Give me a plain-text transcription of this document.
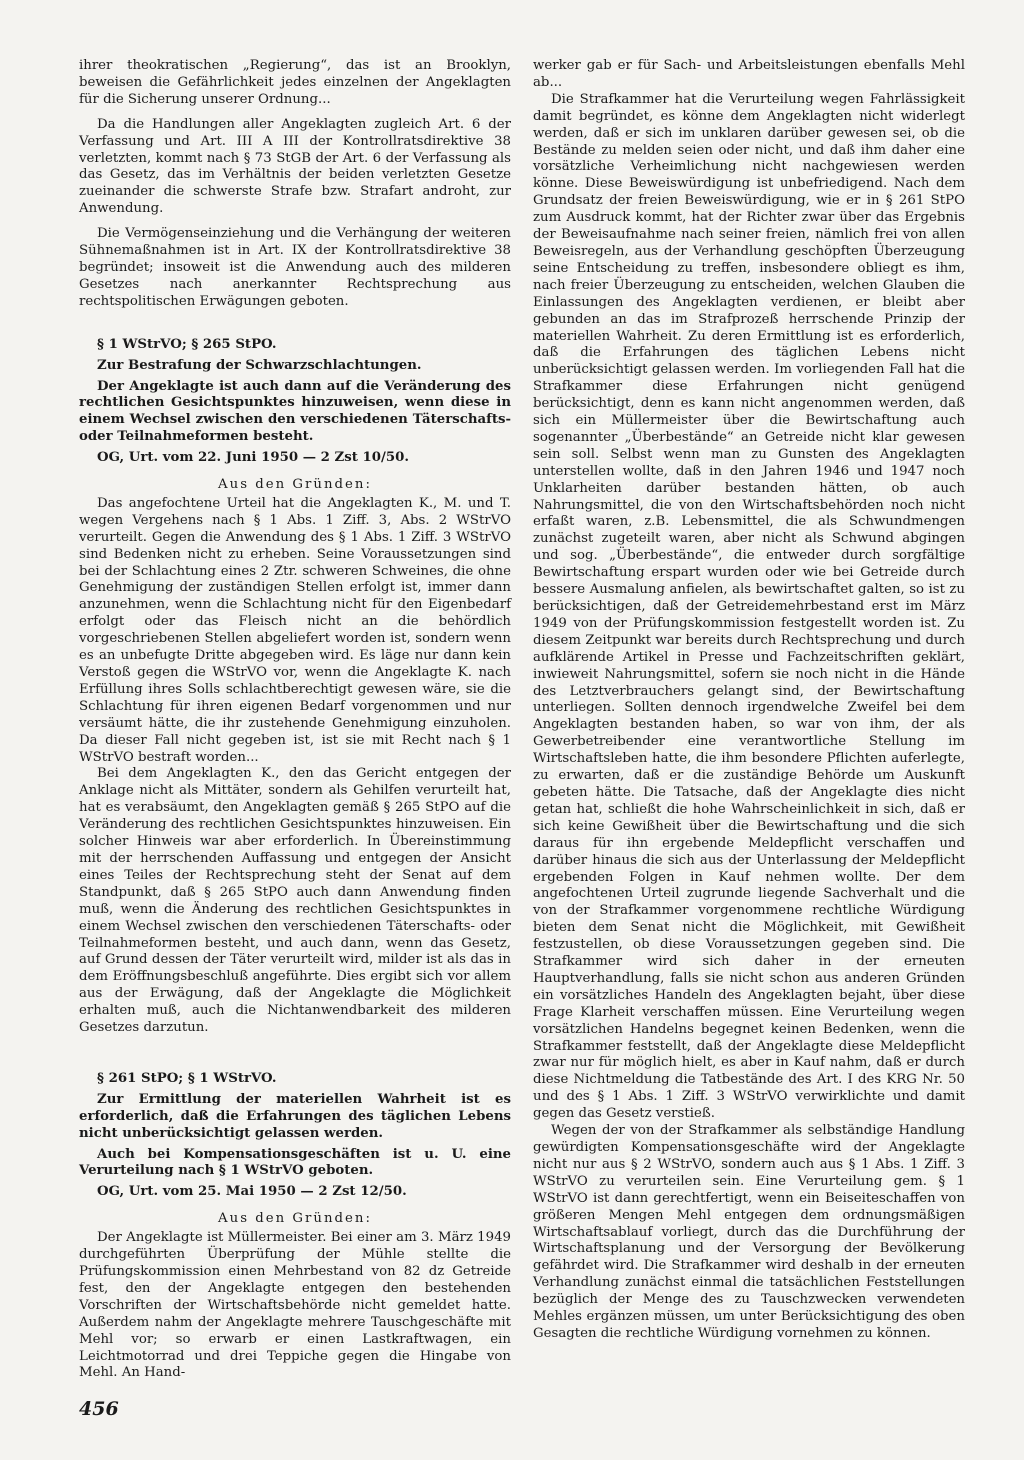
ihrer theokratischen „Regierung“, das ist an Brooklyn, beweisen die Gefährlichkeit jedes einzelnen der Angeklagten für die Sicherung unserer Ordnung...

Da die Handlungen aller Angeklagten zugleich Art. 6 der Verfassung und Art. III A III der Kontrollratsdirektive 38 verletzten, kommt nach § 73 StGB der Art. 6 der Verfassung als das Gesetz, das im Verhältnis der beiden verletzten Gesetze zueinander die schwerste Strafe bzw. Strafart androht, zur Anwendung.

Die Vermögenseinziehung und die Verhängung der weiteren Sühnemaßnahmen ist in Art. IX der Kontrollratsdirektive 38 begründet; insoweit ist die Anwendung auch des milderen Gesetzes nach anerkannter Rechtsprechung aus rechtspolitischen Erwägungen geboten.

§ 1 WStrVO; § 265 StPO.

Zur Bestrafung der Schwarzschlachtungen.

Der Angeklagte ist auch dann auf die Veränderung des rechtlichen Gesichtspunktes hinzuweisen, wenn diese in einem Wechsel zwischen den verschiedenen Täterschafts- oder Teilnahmeformen besteht.

OG, Urt. vom 22. Juni 1950 — 2 Zst 10/50.

Aus den Gründen:

Das angefochtene Urteil hat die Angeklagten K., M. und T. wegen Vergehens nach § 1 Abs. 1 Ziff. 3, Abs. 2 WStrVO verurteilt. Gegen die Anwendung des § 1 Abs. 1 Ziff. 3 WStrVO sind Bedenken nicht zu erheben. Seine Voraussetzungen sind bei der Schlachtung eines 2 Ztr. schweren Schweines, die ohne Genehmigung der zuständigen Stellen erfolgt ist, immer dann anzunehmen, wenn die Schlachtung nicht für den Eigenbedarf erfolgt oder das Fleisch nicht an die behördlich vorgeschriebenen Stellen abgeliefert worden ist, sondern wenn es an unbefugte Dritte abgegeben wird. Es läge nur dann kein Verstoß gegen die WStrVO vor, wenn die Angeklagte K. nach Erfüllung ihres Solls schlachtberechtigt gewesen wäre, sie die Schlachtung für ihren eigenen Bedarf vorgenommen und nur versäumt hätte, die ihr zustehende Genehmigung einzuholen. Da dieser Fall nicht gegeben ist, ist sie mit Recht nach § 1 WStrVO bestraft worden...

Bei dem Angeklagten K., den das Gericht entgegen der Anklage nicht als Mittäter, sondern als Gehilfen verurteilt hat, hat es verabsäumt, den Angeklagten gemäß § 265 StPO auf die Veränderung des rechtlichen Gesichtspunktes hinzuweisen. Ein solcher Hinweis war aber erforderlich. In Übereinstimmung mit der herrschenden Auffassung und entgegen der Ansicht eines Teiles der Rechtsprechung steht der Senat auf dem Standpunkt, daß § 265 StPO auch dann Anwendung finden muß, wenn die Änderung des rechtlichen Gesichtspunktes in einem Wechsel zwischen den verschiedenen Täterschafts- oder Teilnahmeformen besteht, und auch dann, wenn das Gesetz, auf Grund dessen der Täter verurteilt wird, milder ist als das in dem Eröffnungsbeschluß angeführte. Dies ergibt sich vor allem aus der Erwägung, daß der Angeklagte die Möglichkeit erhalten muß, auch die Nichtanwendbarkeit des milderen Gesetzes darzutun.

§ 261 StPO; § 1 WStrVO.

Zur Ermittlung der materiellen Wahrheit ist es erforderlich, daß die Erfahrungen des täglichen Lebens nicht unberücksichtigt gelassen werden.

Auch bei Kompensationsgeschäften ist u. U. eine Verurteilung nach § 1 WStrVO geboten.

OG, Urt. vom 25. Mai 1950 — 2 Zst 12/50.

Aus den Gründen:

Der Angeklagte ist Müllermeister. Bei einer am 3. März 1949 durchgeführten Überprüfung der Mühle stellte die Prüfungskommission einen Mehrbestand von 82 dz Getreide fest, den der Angeklagte entgegen den bestehenden Vorschriften der Wirtschaftsbehörde nicht gemeldet hatte. Außerdem nahm der Angeklagte mehrere Tauschgeschäfte mit Mehl vor; so erwarb er einen Lastkraftwagen, ein Leichtmotorrad und drei Teppiche gegen die Hingabe von Mehl. An Hand-

werker gab er für Sach- und Arbeitsleistungen ebenfalls Mehl ab...

Die Strafkammer hat die Verurteilung wegen Fahrlässigkeit damit begründet, es könne dem Angeklagten nicht widerlegt werden, daß er sich im unklaren darüber gewesen sei, ob die Bestände zu melden seien oder nicht, und daß ihm daher eine vorsätzliche Verheimlichung nicht nachgewiesen werden könne. Diese Beweiswürdigung ist unbefriedigend. Nach dem Grundsatz der freien Beweiswürdigung, wie er in § 261 StPO zum Ausdruck kommt, hat der Richter zwar über das Ergebnis der Beweisaufnahme nach seiner freien, nämlich frei von allen Beweisregeln, aus der Verhandlung geschöpften Überzeugung seine Entscheidung zu treffen, insbesondere obliegt es ihm, nach freier Überzeugung zu entscheiden, welchen Glauben die Einlassungen des Angeklagten verdienen, er bleibt aber gebunden an das im Strafprozeß herrschende Prinzip der materiellen Wahrheit. Zu deren Ermittlung ist es erforderlich, daß die Erfahrungen des täglichen Lebens nicht unberücksichtigt gelassen werden. Im vorliegenden Fall hat die Strafkammer diese Erfahrungen nicht genügend berücksichtigt, denn es kann nicht angenommen werden, daß sich ein Müllermeister über die Bewirtschaftung auch sogenannter „Überbestände“ an Getreide nicht klar gewesen sein soll. Selbst wenn man zu Gunsten des Angeklagten unterstellen wollte, daß in den Jahren 1946 und 1947 noch Unklarheiten darüber bestanden hätten, ob auch Nahrungsmittel, die von den Wirtschaftsbehörden noch nicht erfaßt waren, z.B. Lebensmittel, die als Schwundmengen zunächst zugeteilt waren, aber nicht als Schwund abgingen und sog. „Überbestände“, die entweder durch sorgfältige Bewirtschaftung erspart wurden oder wie bei Getreide durch bessere Ausmalung anfielen, als bewirtschaftet galten, so ist zu berücksichtigen, daß der Getreidemehrbestand erst im März 1949 von der Prüfungskommission festgestellt worden ist. Zu diesem Zeitpunkt war bereits durch Rechtsprechung und durch aufklärende Artikel in Presse und Fachzeitschriften geklärt, inwieweit Nahrungsmittel, sofern sie noch nicht in die Hände des Letztverbrauchers gelangt sind, der Bewirtschaftung unterliegen. Sollten dennoch irgendwelche Zweifel bei dem Angeklagten bestanden haben, so war von ihm, der als Gewerbetreibender eine verantwortliche Stellung im Wirtschaftsleben hatte, die ihm besondere Pflichten auferlegte, zu erwarten, daß er die zuständige Behörde um Auskunft gebeten hätte. Die Tatsache, daß der Angeklagte dies nicht getan hat, schließt die hohe Wahrscheinlichkeit in sich, daß er sich keine Gewißheit über die Bewirtschaftung und die sich daraus für ihn ergebende Meldepflicht verschaffen und darüber hinaus die sich aus der Unterlassung der Meldepflicht ergebenden Folgen in Kauf nehmen wollte. Der dem angefochtenen Urteil zugrunde liegende Sachverhalt und die von der Strafkammer vorgenommene rechtliche Würdigung bieten dem Senat nicht die Möglichkeit, mit Gewißheit festzustellen, ob diese Voraussetzungen gegeben sind. Die Strafkammer wird sich daher in der erneuten Hauptverhandlung, falls sie nicht schon aus anderen Gründen ein vorsätzliches Handeln des Angeklagten bejaht, über diese Frage Klarheit verschaffen müssen. Eine Verurteilung wegen vorsätzlichen Handelns begegnet keinen Bedenken, wenn die Strafkammer feststellt, daß der Angeklagte diese Meldepflicht zwar nur für möglich hielt, es aber in Kauf nahm, daß er durch diese Nichtmeldung die Tatbestände des Art. I des KRG Nr. 50 und des § 1 Abs. 1 Ziff. 3 WStrVO verwirklichte und damit gegen das Gesetz verstieß.

Wegen der von der Strafkammer als selbständige Handlung gewürdigten Kompensationsgeschäfte wird der Angeklagte nicht nur aus § 2 WStrVO, sondern auch aus § 1 Abs. 1 Ziff. 3 WStrVO zu verurteilen sein. Eine Verurteilung gem. § 1 WStrVO ist dann gerechtfertigt, wenn ein Beiseiteschaffen von größeren Mengen Mehl entgegen dem ordnungsmäßigen Wirtschaftsablauf vorliegt, durch das die Durchführung der Wirtschaftsplanung und der Versorgung der Bevölkerung gefährdet wird. Die Strafkammer wird deshalb in der erneuten Verhandlung zunächst einmal die tatsächlichen Feststellungen bezüglich der Menge des zu Tauschzwecken verwendeten Mehles ergänzen müssen, um unter Berücksichtigung des oben Gesagten die rechtliche Würdigung vornehmen zu können.

456
